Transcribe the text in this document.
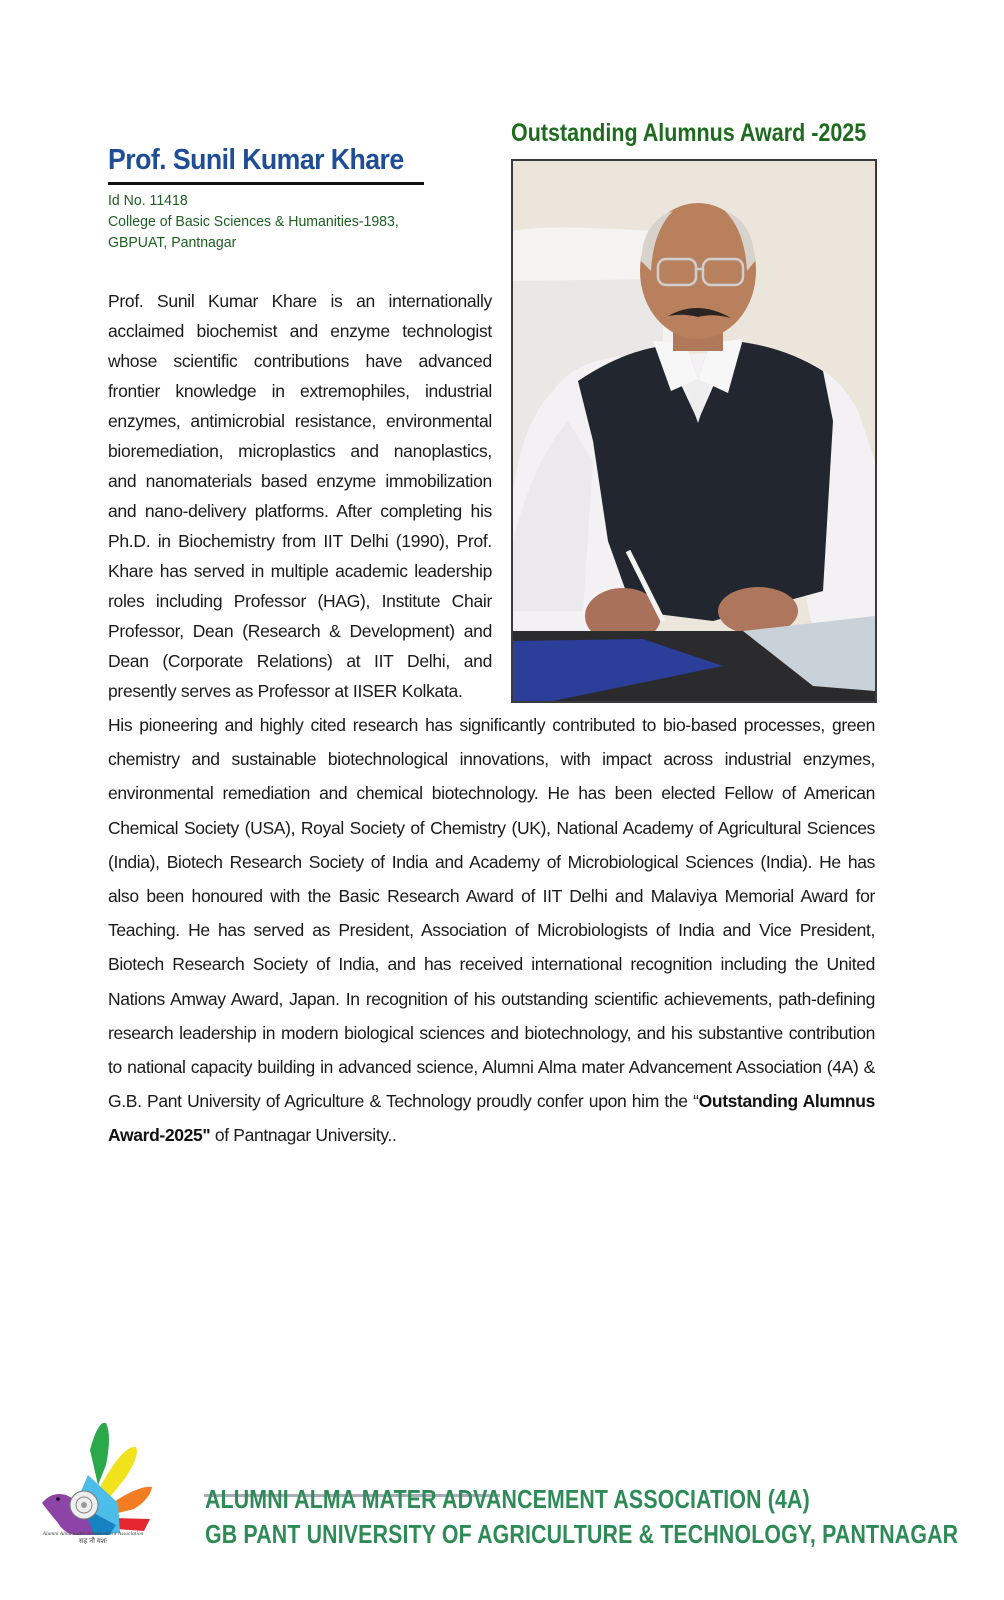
Prof. Sunil Kumar Khare
Id No. 11418
College of Basic Sciences & Humanities-1983,
GBPUAT, Pantnagar
Outstanding Alumnus Award -2025
Prof. Sunil Kumar Khare is an internationally acclaimed biochemist and enzyme technologist whose scientific contributions have advanced frontier knowledge in extremophiles, industrial enzymes, antimicrobial resistance, environmental bioremediation, microplastics and nanoplastics, and nanomaterials based enzyme immobilization and nano-delivery platforms. After completing his Ph.D. in Biochemistry from IIT Delhi (1990), Prof. Khare has served in multiple academic leadership roles including Professor (HAG), Institute Chair Professor, Dean (Research & Development) and Dean (Corporate Relations) at IIT Delhi, and presently serves as Professor at IISER Kolkata.
His pioneering and highly cited research has significantly contributed to bio-based processes, green chemistry and sustainable biotechnological innovations, with impact across industrial enzymes, environmental remediation and chemical biotechnology. He has been elected Fellow of American Chemical Society (USA), Royal Society of Chemistry (UK), National Academy of Agricultural Sciences (India), Biotech Research Society of India and Academy of Microbiological Sciences (India). He has also been honoured with the Basic Research Award of IIT Delhi and Malaviya Memorial Award for Teaching. He has served as President, Association of Microbiologists of India and Vice President, Biotech Research Society of India, and has received international recognition including the United Nations Amway Award, Japan. In recognition of his outstanding scientific achievements, path-defining research leadership in modern biological sciences and biotechnology, and his substantive contribution to national capacity building in advanced science, Alumni Alma mater Advancement Association (4A) & G.B. Pant University of Agriculture & Technology proudly confer upon him the “Outstanding Alumnus Award-2025" of Pantnagar University..
Alumni Alma mater Advancement Association
सह नौ यशः
ALUMNI ALMA MATER ADVANCEMENT ASSOCIATION (4A)
GB PANT UNIVERSITY OF AGRICULTURE & TECHNOLOGY, PANTNAGAR
